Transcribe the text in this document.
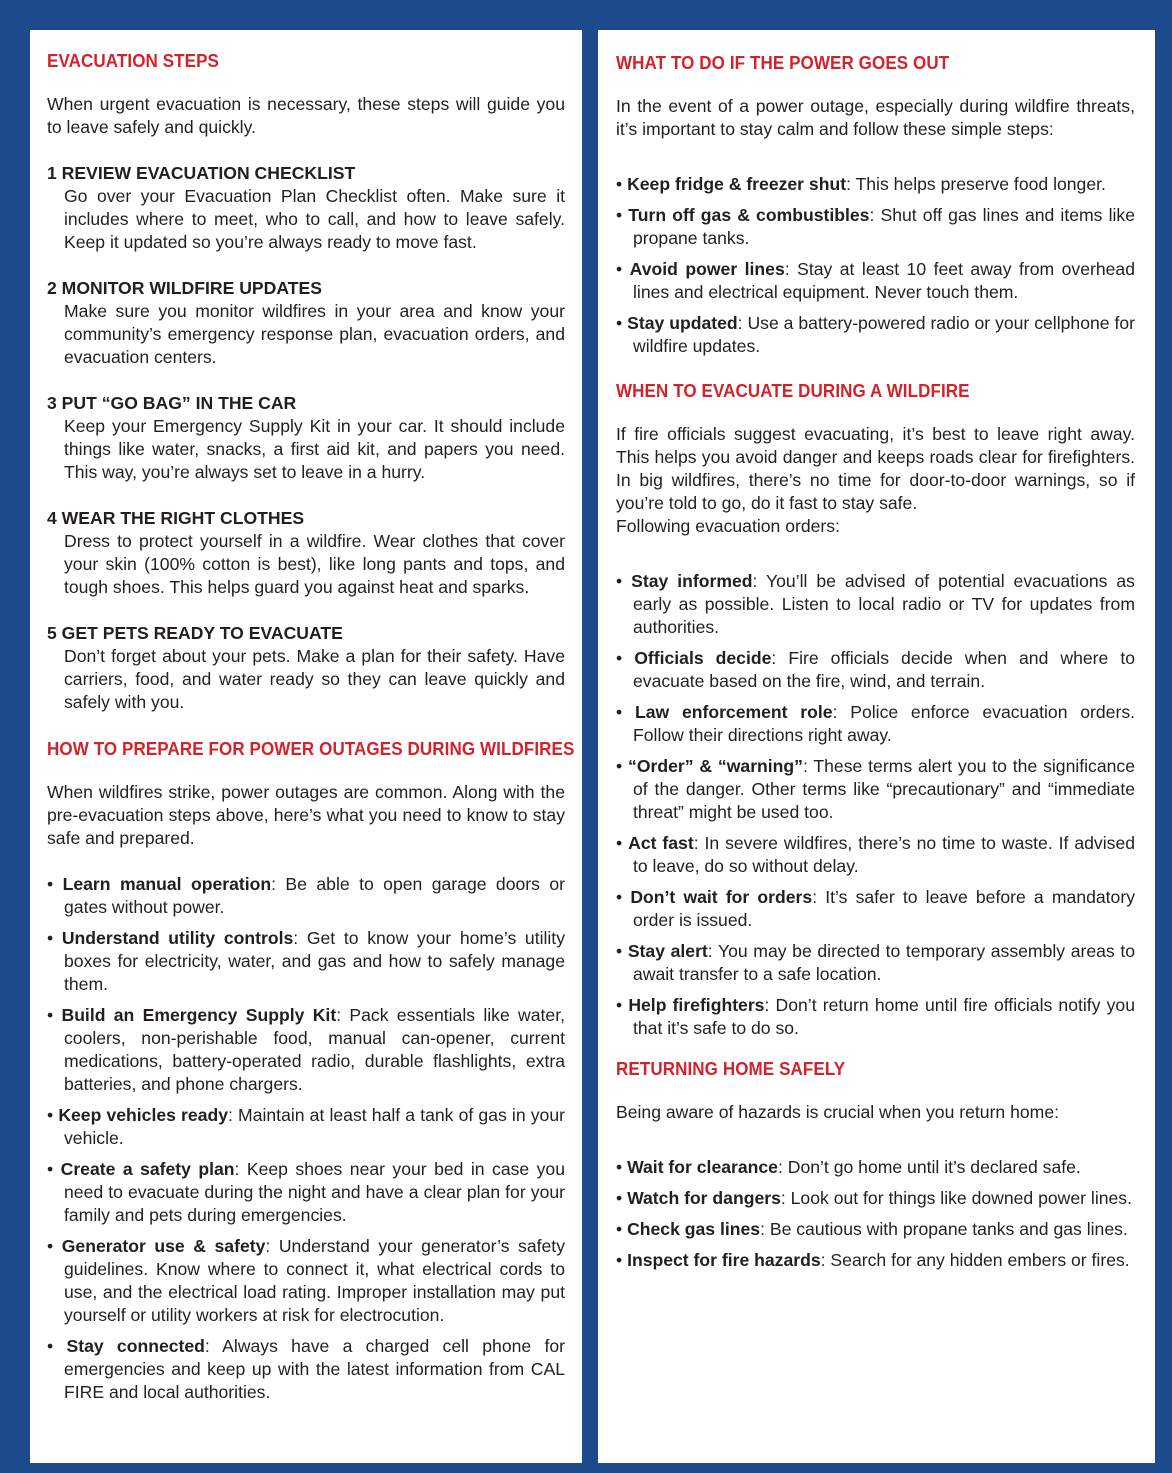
EVACUATION STEPS

When urgent evacuation is necessary, these steps will guide you to leave safely and quickly.

1 REVIEW EVACUATION CHECKLIST

Go over your Evacuation Plan Checklist often. Make sure it includes where to meet, who to call, and how to leave safely. Keep it updated so you’re always ready to move fast.

2 MONITOR WILDFIRE UPDATES

Make sure you monitor wildfires in your area and know your community’s emergency response plan, evacuation orders, and evacuation centers.

3 PUT “GO BAG” IN THE CAR

Keep your Emergency Supply Kit in your car. It should include things like water, snacks, a first aid kit, and papers you need. This way, you’re always set to leave in a hurry.

4 WEAR THE RIGHT CLOTHES

Dress to protect yourself in a wildfire. Wear clothes that cover your skin (100% cotton is best), like long pants and tops, and tough shoes. This helps guard you against heat and sparks.

5 GET PETS READY TO EVACUATE

Don’t forget about your pets. Make a plan for their safety. Have carriers, food, and water ready so they can leave quickly and safely with you.

HOW TO PREPARE FOR POWER OUTAGES DURING WILDFIRES

When wildfires strike, power outages are common. Along with the pre-evacuation steps above, here’s what you need to know to stay safe and prepared.

• Learn manual operation: Be able to open garage doors or gates without power.
• Understand utility controls: Get to know your home’s utility boxes for electricity, water, and gas and how to safely manage them.
• Build an Emergency Supply Kit: Pack essentials like water, coolers, non-perishable food, manual can-opener, current medications, battery-operated radio, durable flashlights, extra batteries, and phone chargers.
• Keep vehicles ready: Maintain at least half a tank of gas in your vehicle.
• Create a safety plan: Keep shoes near your bed in case you need to evacuate during the night and have a clear plan for your family and pets during emergencies.
• Generator use & safety: Understand your generator’s safety guidelines. Know where to connect it, what electrical cords to use, and the electrical load rating. Improper installation may put yourself or utility workers at risk for electrocution.
• Stay connected: Always have a charged cell phone for emergencies and keep up with the latest information from CAL FIRE and local authorities.
WHAT TO DO IF THE POWER GOES OUT

In the event of a power outage, especially during wildfire threats, it’s important to stay calm and follow these simple steps:

• Keep fridge & freezer shut: This helps preserve food longer.
• Turn off gas & combustibles: Shut off gas lines and items like propane tanks.
• Avoid power lines: Stay at least 10 feet away from overhead lines and electrical equipment. Never touch them.
• Stay updated: Use a battery-powered radio or your cellphone for wildfire updates.
WHEN TO EVACUATE DURING A WILDFIRE

If fire officials suggest evacuating, it’s best to leave right away. This helps you avoid danger and keeps roads clear for firefighters. In big wildfires, there’s no time for door-to-door warnings, so if you’re told to go, do it fast to stay safe.

Following evacuation orders:

• Stay informed: You’ll be advised of potential evacuations as early as possible. Listen to local radio or TV for updates from authorities.
• Officials decide: Fire officials decide when and where to evacuate based on the fire, wind, and terrain.
• Law enforcement role: Police enforce evacuation orders. Follow their directions right away.
• “Order” & “warning”: These terms alert you to the significance of the danger. Other terms like “precautionary” and “immediate threat” might be used too.
• Act fast: In severe wildfires, there’s no time to waste. If advised to leave, do so without delay.
• Don’t wait for orders: It’s safer to leave before a mandatory order is issued.
• Stay alert: You may be directed to temporary assembly areas to await transfer to a safe location.
• Help firefighters: Don’t return home until fire officials notify you that it’s safe to do so.
RETURNING HOME SAFELY

Being aware of hazards is crucial when you return home:

• Wait for clearance: Don’t go home until it’s declared safe.
• Watch for dangers: Look out for things like downed power lines.
• Check gas lines: Be cautious with propane tanks and gas lines.
• Inspect for fire hazards: Search for any hidden embers or fires.
